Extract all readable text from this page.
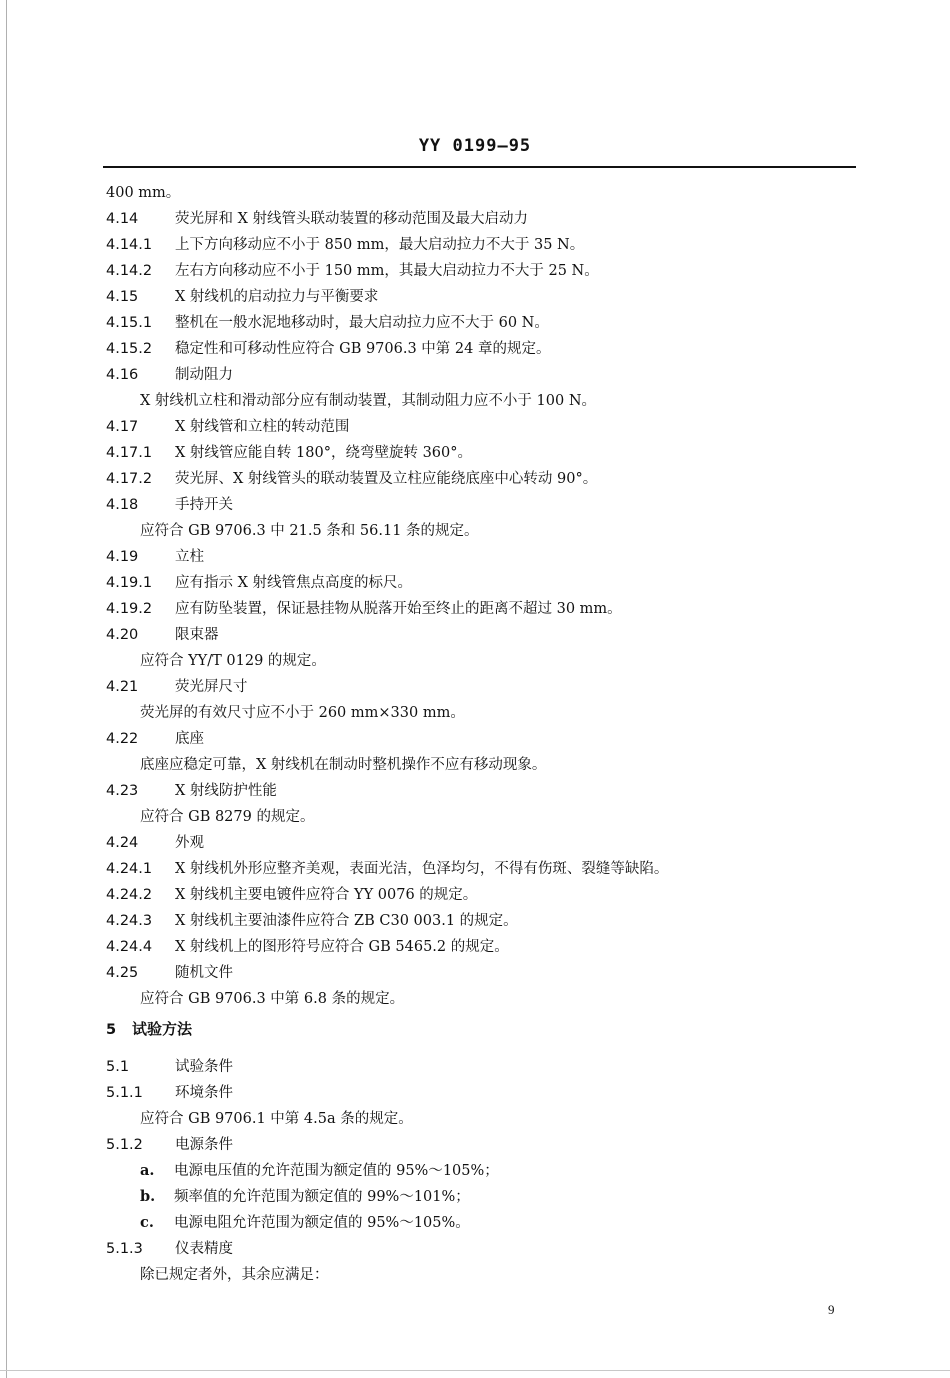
YY 0199—95
400 mm。
4.14	荧光屏和 X 射线管头联动装置的移动范围及最大启动力
4.14.1 上下方向移动应不小于 850 mm，最大启动拉力不大于 35 N。
4.14.2 左右方向移动应不小于 150 mm，其最大启动拉力不大于 25 N。
4.15	X 射线机的启动拉力与平衡要求
4.15.1 整机在一般水泥地移动时，最大启动拉力应不大于 60 N。
4.15.2 稳定性和可移动性应符合 GB 9706.3 中第 24 章的规定。
4.16	制动阻力
X 射线机立柱和滑动部分应有制动装置，其制动阻力应不小于 100 N。
4.17	X 射线管和立柱的转动范围
4.17.1 X 射线管应能自转 180°，绕弯壁旋转 360°。
4.17.2 荧光屏、X 射线管头的联动装置及立柱应能绕底座中心转动 90°。
4.18	手持开关
应符合 GB 9706.3 中 21.5 条和 56.11 条的规定。
4.19	立柱
4.19.1 应有指示 X 射线管焦点高度的标尺。
4.19.2 应有防坠装置，保证悬挂物从脱落开始至终止的距离不超过 30 mm。
4.20	限束器
应符合 YY/T 0129 的规定。
4.21	荧光屏尺寸
荧光屏的有效尺寸应不小于 260 mm×330 mm。
4.22	底座
底座应稳定可靠，X 射线机在制动时整机操作不应有移动现象。
4.23	X 射线防护性能
应符合 GB 8279 的规定。
4.24	外观
4.24.1 X 射线机外形应整齐美观，表面光洁，色泽均匀，不得有伤斑、裂缝等缺陷。
4.24.2 X 射线机主要电镀件应符合 YY 0076 的规定。
4.24.3 X 射线机主要油漆件应符合 ZB C30 003.1 的规定。
4.24.4 X 射线机上的图形符号应符合 GB 5465.2 的规定。
4.25	随机文件
应符合 GB 9706.3 中第 6.8 条的规定。
5 试验方法
5.1	试验条件
5.1.1 环境条件
应符合 GB 9706.1 中第 4.5a 条的规定。
5.1.2 电源条件
a. 电源电压值的允许范围为额定值的 95%～105%；
b. 频率值的允许范围为额定值的 99%～101%；
c. 电源电阻允许范围为额定值的 95%～105%。
5.1.3 仪表精度
除已规定者外，其余应满足：
9
